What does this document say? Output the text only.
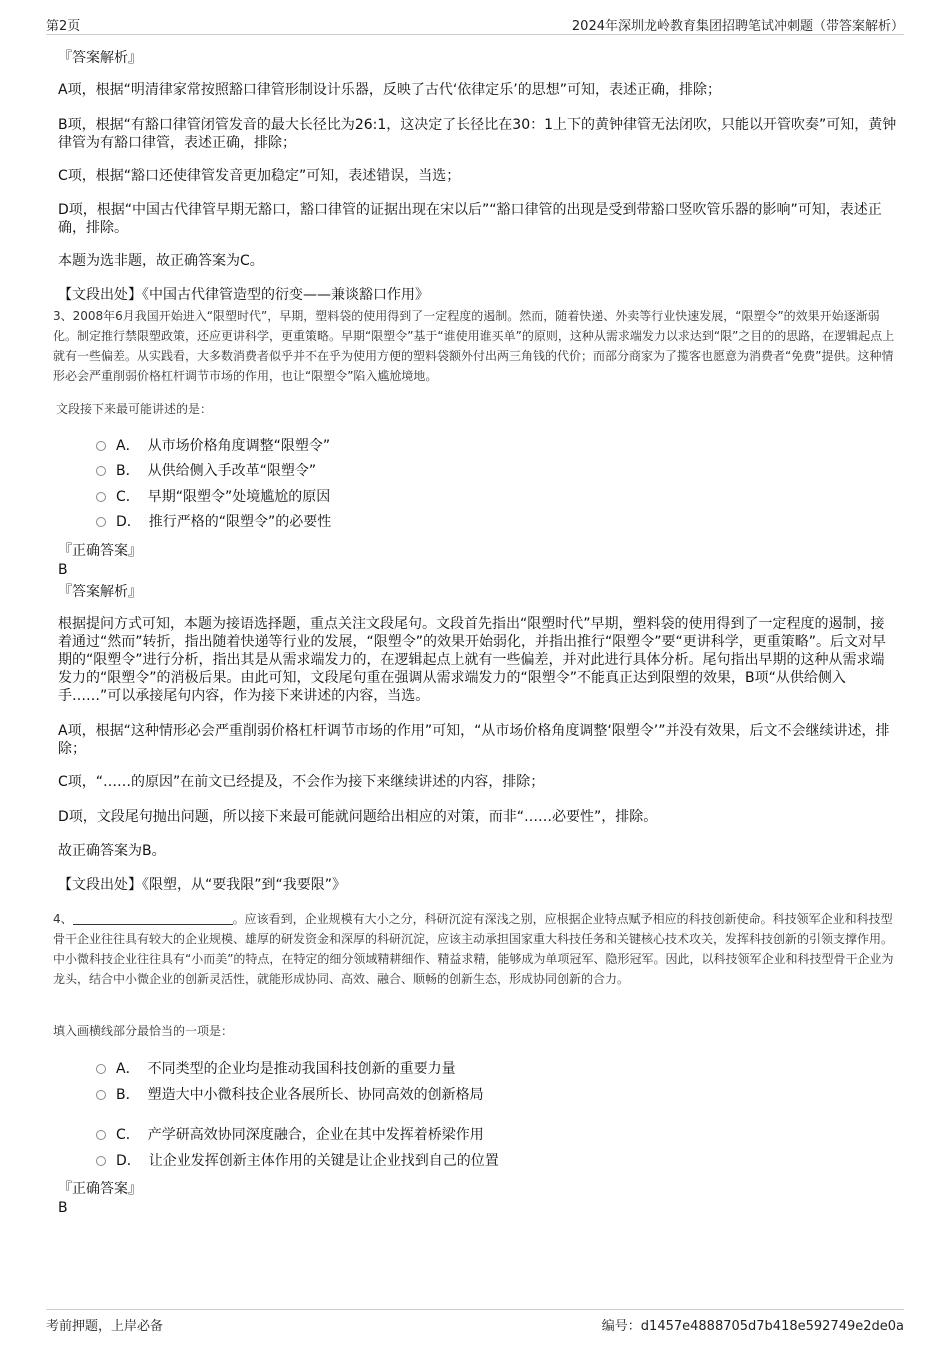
第2页	2024年深圳龙岭教育集团招聘笔试冲刺题（带答案解析）
『答案解析』
A项，根据“明清律家常按照豁口律管形制设计乐器，反映了古代‘依律定乐’的思想”可知，表述正确，排除；
B项，根据“有豁口律管闭管发音的最大长径比为26:1，这决定了长径比在30：1上下的黄钟律管无法闭吹，只能以开管吹奏”可知，黄钟律管为有豁口律管，表述正确，排除；
C项，根据“豁口还使律管发音更加稳定”可知，表述错误，当选；
D项，根据“中国古代律管早期无豁口，豁口律管的证据出现在宋以后”“豁口律管的出现是受到带豁口竖吹管乐器的影响”可知，表述正确，排除。
本题为选非题，故正确答案为C。
【文段出处】《中国古代律管造型的衍变——兼谈豁口作用》
3、2008年6月我国开始进入“限塑时代”，早期，塑料袋的使用得到了一定程度的遏制。然而，随着快递、外卖等行业快速发展，“限塑令”的效果开始逐渐弱化。制定推行禁限塑政策，还应更讲科学，更重策略。早期“限塑令”基于“谁使用谁买单”的原则，这种从需求端发力以求达到“限”之目的的思路，在逻辑起点上就有一些偏差。从实践看，大多数消费者似乎并不在乎为使用方便的塑料袋额外付出两三角钱的代价；而部分商家为了揽客也愿意为消费者“免费”提供。这种情形必会严重削弱价格杠杆调节市场的作用，也让“限塑令”陷入尴尬境地。
文段接下来最可能讲述的是：
A． 从市场价格角度调整“限塑令”
B． 从供给侧入手改革“限塑令”
C． 早期“限塑令”处境尴尬的原因
D． 推行严格的“限塑令”的必要性
『正确答案』
B
『答案解析』
根据提问方式可知，本题为接语选择题，重点关注文段尾句。文段首先指出“限塑时代”早期，塑料袋的使用得到了一定程度的遏制，接着通过“然而”转折，指出随着快递等行业的发展，“限塑令”的效果开始弱化，并指出推行“限塑令”要“更讲科学，更重策略”。后文对早期的“限塑令”进行分析，指出其是从需求端发力的，在逻辑起点上就有一些偏差，并对此进行具体分析。尾句指出早期的这种从需求端发力的“限塑令”的消极后果。由此可知，文段尾句重在强调从需求端发力的“限塑令”不能真正达到限塑的效果，B项“从供给侧入手……”可以承接尾句内容，作为接下来讲述的内容，当选。
A项，根据“这种情形必会严重削弱价格杠杆调节市场的作用”可知，“从市场价格角度调整‘限塑令’”并没有效果，后文不会继续讲述，排除；
C项，“……的原因”在前文已经提及，不会作为接下来继续讲述的内容，排除；
D项，文段尾句抛出问题，所以接下来最可能就问题给出相应的对策，而非“……必要性”，排除。
故正确答案为B。
【文段出处】《限塑，从“要我限”到“我要限”》
4、	。应该看到，企业规模有大小之分，科研沉淀有深浅之别，应根据企业特点赋予相应的科技创新使命。科技领军企业和科技型骨干企业往往具有较大的企业规模、雄厚的研发资金和深厚的科研沉淀，应该主动承担国家重大科技任务和关键核心技术攻关，发挥科技创新的引领支撑作用。中小微科技企业往往具有“小而美”的特点，在特定的细分领域精耕细作、精益求精，能够成为单项冠军、隐形冠军。因此，以科技领军企业和科技型骨干企业为龙头，结合中小微企业的创新灵活性，就能形成协同、高效、融合、顺畅的创新生态，形成协同创新的合力。
填入画横线部分最恰当的一项是：
A． 不同类型的企业均是推动我国科技创新的重要力量
B． 塑造大中小微科技企业各展所长、协同高效的创新格局
C． 产学研高效协同深度融合，企业在其中发挥着桥梁作用
D． 让企业发挥创新主体作用的关键是让企业找到自己的位置
『正确答案』
B
考前押题，上岸必备	编号：d1457e4888705d7b418e592749e2de0a
